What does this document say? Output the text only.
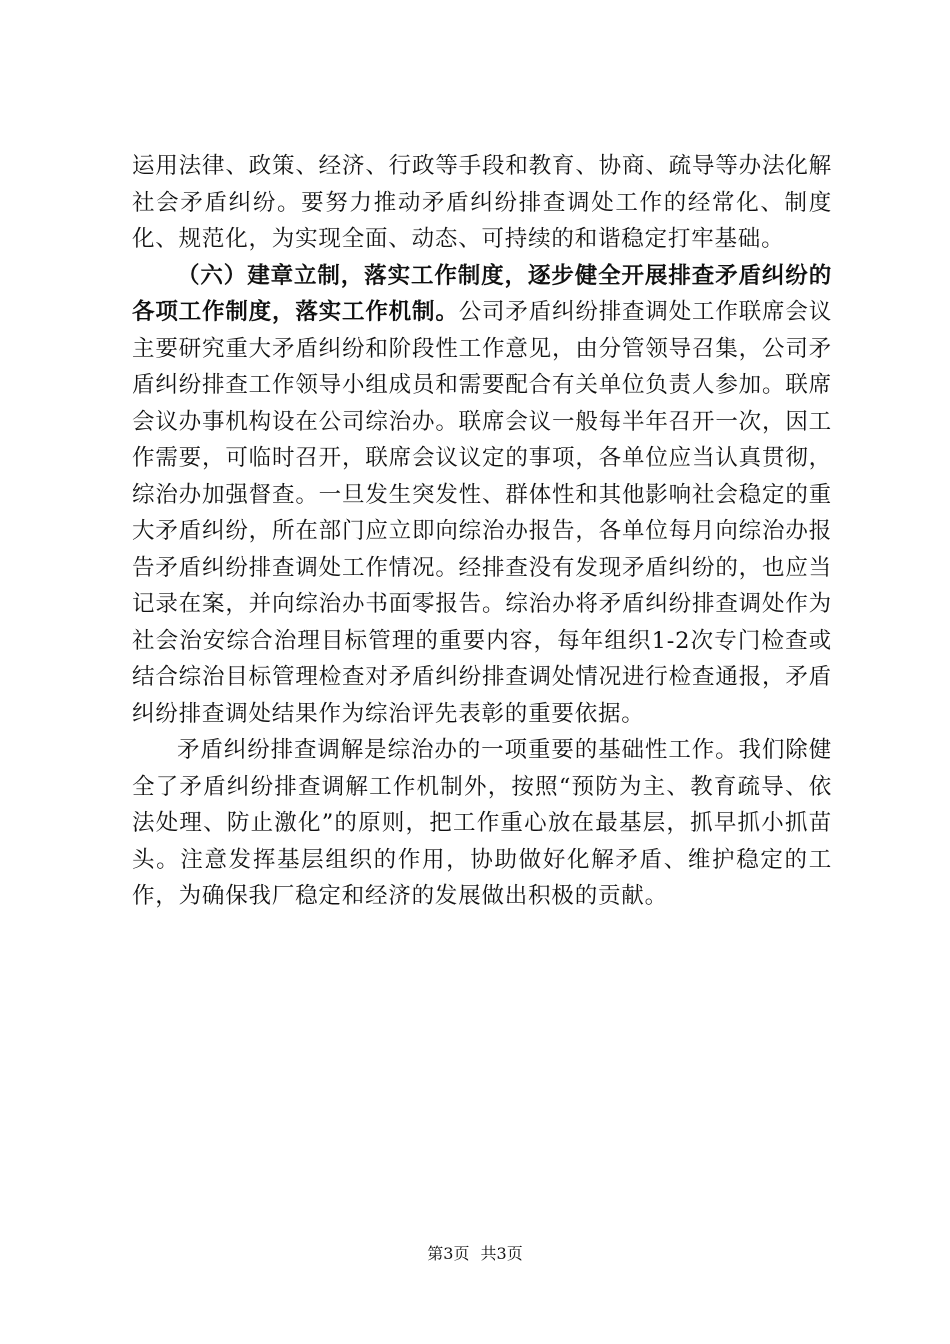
运用法律、政策、经济、行政等手段和教育、协商、疏导等办法化解社会矛盾纠纷。要努力推动矛盾纠纷排查调处工作的经常化、制度化、规范化，为实现全面、动态、可持续的和谐稳定打牢基础。

（六）建章立制，落实工作制度，逐步健全开展排查矛盾纠纷的各项工作制度，落实工作机制。公司矛盾纠纷排查调处工作联席会议主要研究重大矛盾纠纷和阶段性工作意见，由分管领导召集，公司矛盾纠纷排查工作领导小组成员和需要配合有关单位负责人参加。联席会议办事机构设在公司综治办。联席会议一般每半年召开一次，因工作需要，可临时召开，联席会议议定的事项，各单位应当认真贯彻，综治办加强督查。一旦发生突发性、群体性和其他影响社会稳定的重大矛盾纠纷，所在部门应立即向综治办报告，各单位每月向综治办报告矛盾纠纷排查调处工作情况。经排查没有发现矛盾纠纷的，也应当记录在案，并向综治办书面零报告。综治办将矛盾纠纷排查调处作为社会治安综合治理目标管理的重要内容，每年组织1-2次专门检查或结合综治目标管理检查对矛盾纠纷排查调处情况进行检查通报，矛盾纠纷排查调处结果作为综治评先表彰的重要依据。

矛盾纠纷排查调解是综治办的一项重要的基础性工作。我们除健全了矛盾纠纷排查调解工作机制外，按照“预防为主、教育疏导、依法处理、防止激化”的原则，把工作重心放在最基层，抓早抓小抓苗头。注意发挥基层组织的作用，协助做好化解矛盾、维护稳定的工作，为确保我厂稳定和经济的发展做出积极的贡献。

第3页 共3页
